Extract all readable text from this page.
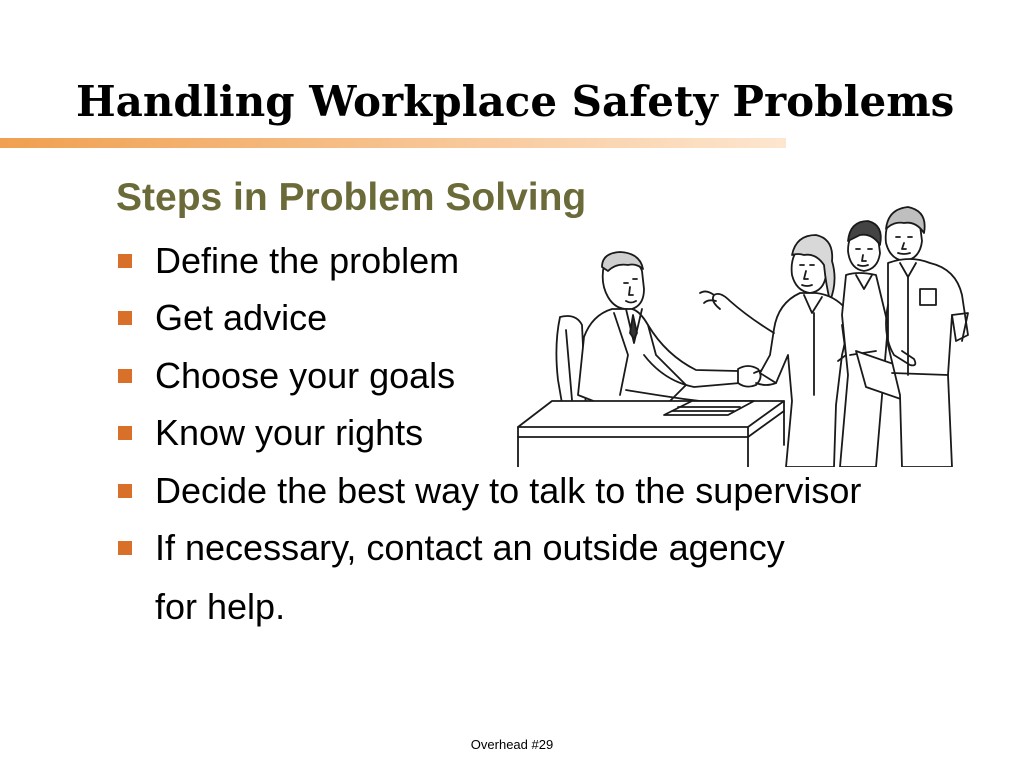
Handling Workplace Safety Problems
Steps in Problem Solving
Define the problem
Get advice
Choose your goals
Know your rights
Decide the best way to talk to the supervisor
If necessary, contact an outside agency
for help.
Overhead #29
